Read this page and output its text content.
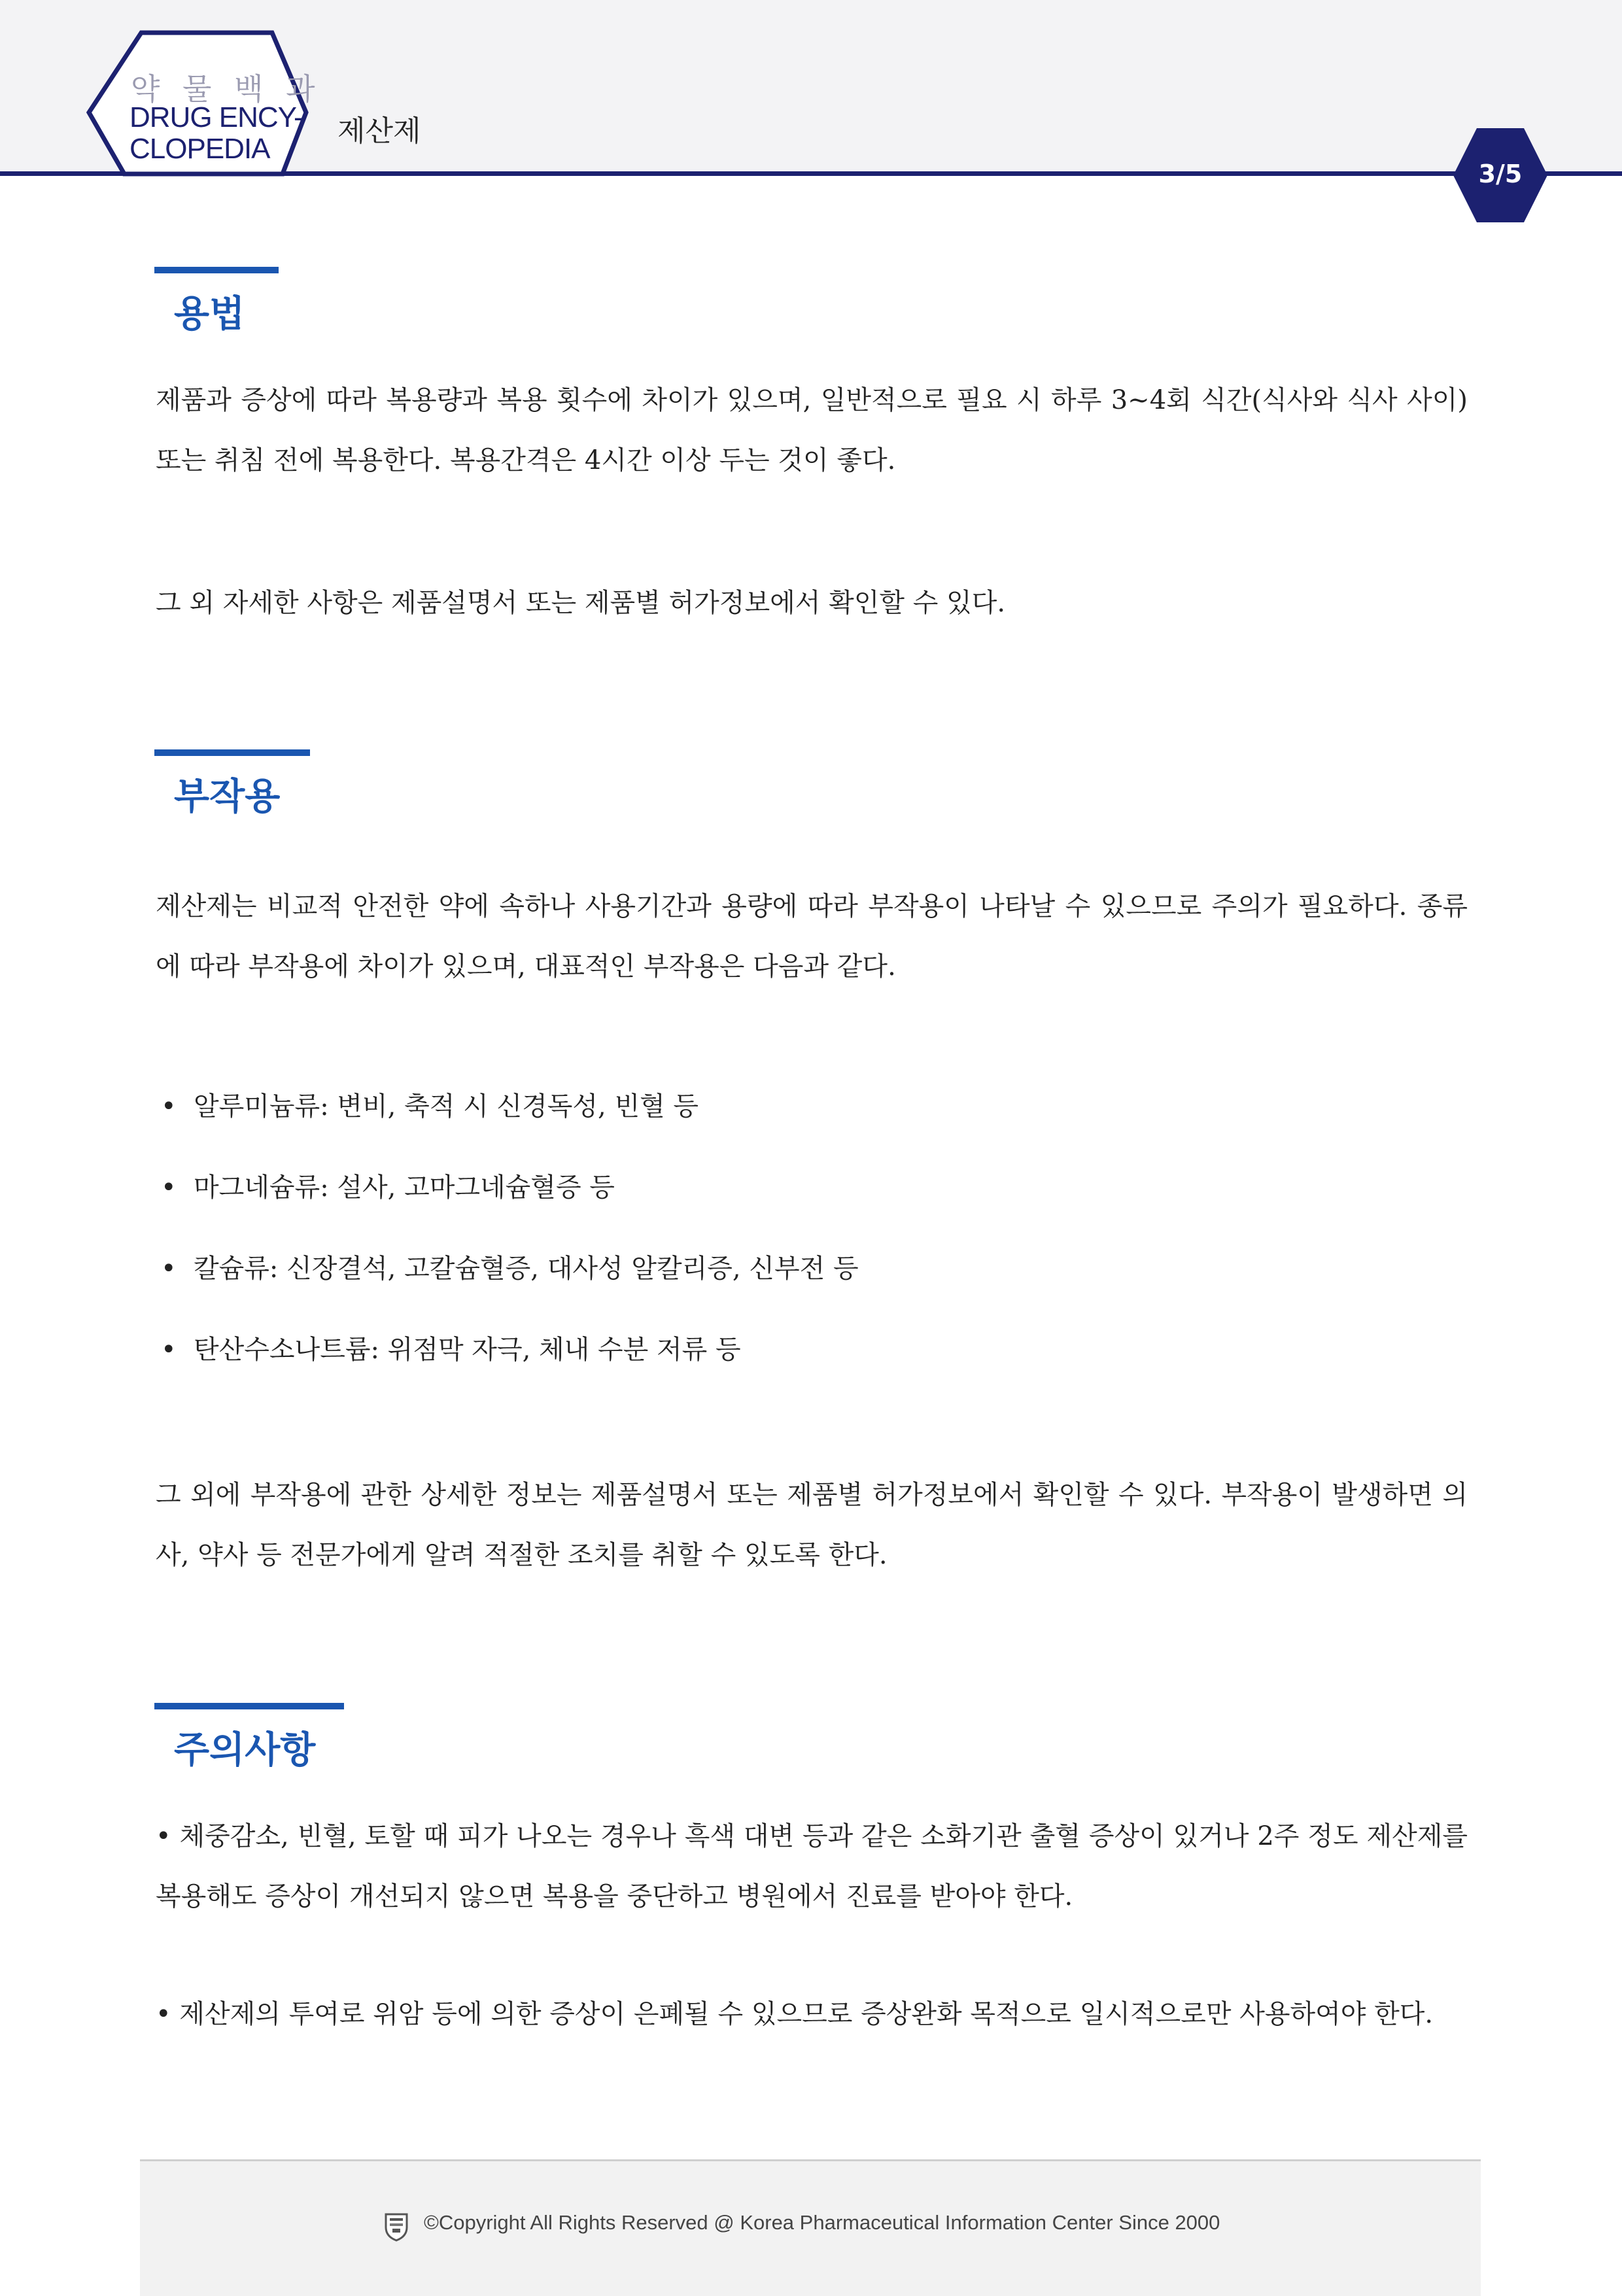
약 물 백 과
DRUG ENCY-
CLOPEDIA
제산제
3/5
용법

제품과 증상에 따라 복용량과 복용 횟수에 차이가 있으며, 일반적으로 필요 시 하루 3~4회 식간(식사와 식사 사이) 또는 취침 전에 복용한다. 복용간격은 4시간 이상 두는 것이 좋다.

그 외 자세한 사항은 제품설명서 또는 제품별 허가정보에서 확인할 수 있다.

부작용

제산제는 비교적 안전한 약에 속하나 사용기간과 용량에 따라 부작용이 나타날 수 있으므로 주의가 필요하다. 종류에 따라 부작용에 차이가 있으며, 대표적인 부작용은 다음과 같다.

• 알루미늄류: 변비, 축적 시 신경독성, 빈혈 등
• 마그네슘류: 설사, 고마그네슘혈증 등
• 칼슘류: 신장결석, 고칼슘혈증, 대사성 알칼리증, 신부전 등
• 탄산수소나트륨: 위점막 자극, 체내 수분 저류 등

그 외에 부작용에 관한 상세한 정보는 제품설명서 또는 제품별 허가정보에서 확인할 수 있다. 부작용이 발생하면 의사, 약사 등 전문가에게 알려 적절한 조치를 취할 수 있도록 한다.

주의사항

• 체중감소, 빈혈, 토할 때 피가 나오는 경우나 흑색 대변 등과 같은 소화기관 출혈 증상이 있거나 2주 정도 제산제를 복용해도 증상이 개선되지 않으면 복용을 중단하고 병원에서 진료를 받아야 한다.

• 제산제의 투여로 위암 등에 의한 증상이 은폐될 수 있으므로 증상완화 목적으로 일시적으로만 사용하여야 한다.

©Copyright All Rights Reserved @ Korea Pharmaceutical Information Center Since 2000
